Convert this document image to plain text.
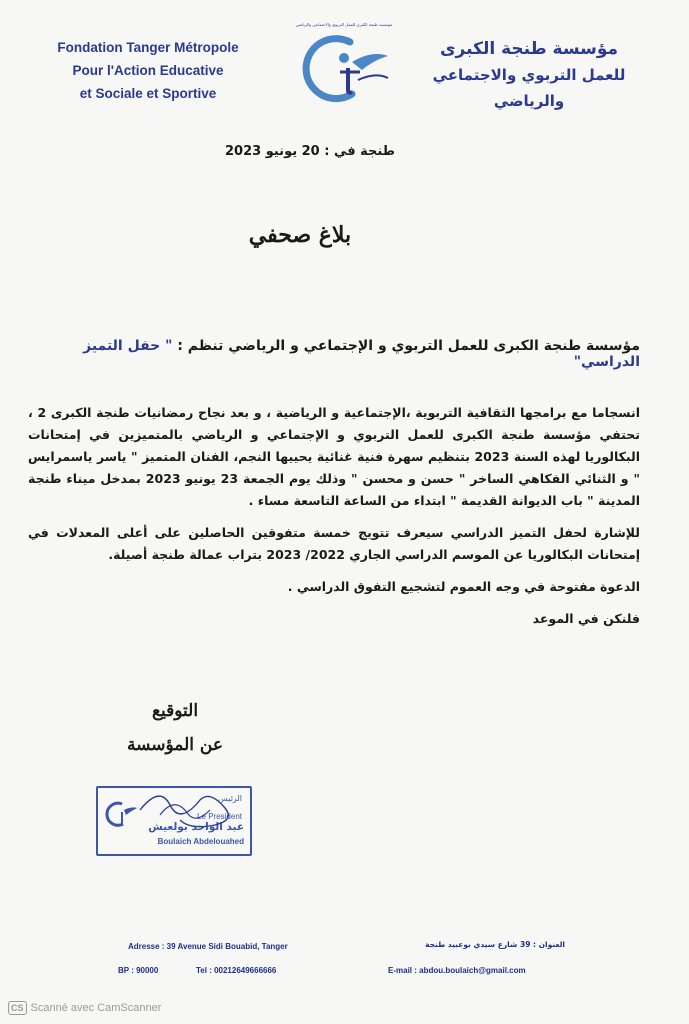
Fondation Tanger Métropole
Pour l'Action Educative
et Sociale et Sportive
مؤسسة طنجة الكبرى للعمل التربوي والاجتماعي والرياضي
مؤسسة طنجة الكبرى
للعمل التربوي والاجتماعي والرياضي
طنجة في : 20 يونيو 2023
بلاغ صحفي
مؤسسة طنجة الكبرى للعمل التربوي و الإجتماعي و الرياضي تنظم : " حفل التميز الدراسي"

انسجاما مع برامجها الثقافية التربوية ،الإجتماعية و الرياضية ، و بعد نجاح رمضانيات طنجة الكبرى 2 ، تحتفي مؤسسة طنجة الكبرى للعمل التربوي و الإجتماعي و الرياضي بالمتميزين في إمتحانات البكالوريا لهذه السنة 2023 بتنظيم سهرة فنية غنائية يحييها النجم، الفنان المتميز " ياسر ياسمرايس " و الثنائي الفكاهي الساخر " حسن و محسن " وذلك يوم الجمعة 23 يونيو 2023 بمدخل ميناء طنجة المدينة " باب الديوانة القديمة " ابتداء من الساعة التاسعة مساء .

للإشارة لحفل التميز الدراسي سيعرف تتويج خمسة متفوقين الحاصلين على أعلى المعدلات في إمتحانات البكالوريا عن الموسم الدراسي الجاري 2022/ 2023 بتراب عمالة طنجة أصيلة.

الدعوة مفتوحة في وجه العموم لتشجيع التفوق الدراسي .

فلنكن في الموعد

التوقيع
عن المؤسسة
الرئيس
Le President
عبد الواحد بولعيش
Boulaich Abdelouahed
Adresse : 39 Avenue Sidi Bouabid, Tanger	العنوان : 39 شارع سيدي بوعبيد طنجة
BP : 90000	Tel : 00212649666666	E-mail : abdou.boulaich@gmail.com
CS Scanné avec CamScanner
